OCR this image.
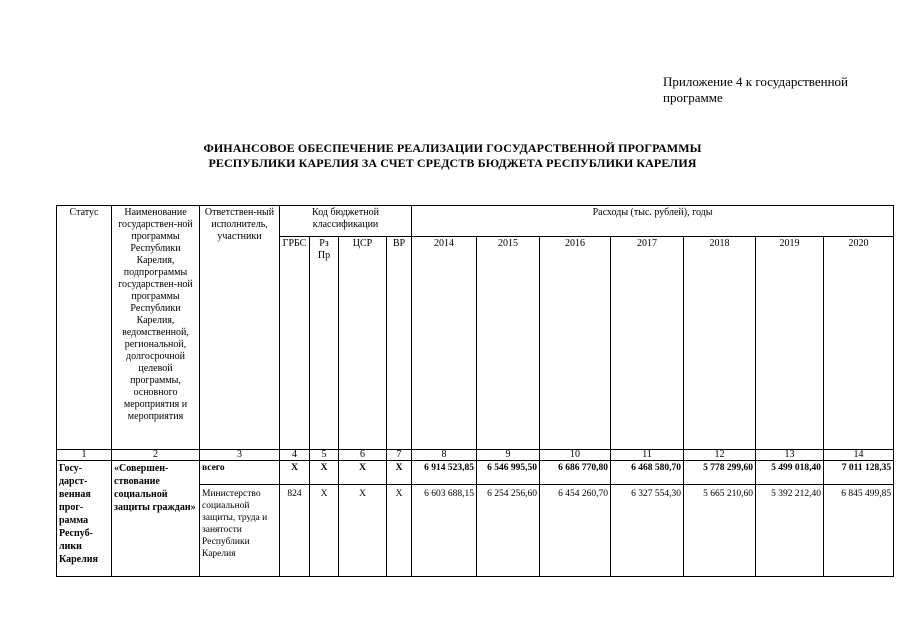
Приложение 4 к государственной
программе
ФИНАНСОВОЕ ОБЕСПЕЧЕНИЕ РЕАЛИЗАЦИИ ГОСУДАРСТВЕННОЙ ПРОГРАММЫ
РЕСПУБЛИКИ КАРЕЛИЯ ЗА СЧЕТ СРЕДСТВ БЮДЖЕТА РЕСПУБЛИКИ КАРЕЛИЯ
Статус	Наименование государствен-ной программы Республики Карелия, подпрограммы государствен-ной программы Республики Карелия, ведомственной, региональной, долгосрочной целевой программы, основного мероприятия и мероприятия	Ответствен-ный исполнитель, участники	Код бюджетной классификации				Расходы (тыс. рублей), годы						
			ГРБС	Рз Пр	ЦСР	ВР	2014	2015	2016	2017	2018	2019	2020
1	2	3	4	5	6	7	8	9	10	11	12	13	14
Госу-дарст-венная прог-рамма Респуб-лики Карелия	«Совершен-ствование социальной защиты граждан»	всего	Х	Х	Х	Х	6 914 523,85	6 546 995,50	6 686 770,80	6 468 580,70	5 778 299,60	5 499 018,40	7 011 128,35
		Министерство социальной защиты, труда и занятости Республики Карелия	824	Х	Х	Х	6 603 688,15	6 254 256,60	6 454 260,70	6 327 554,30	5 665 210,60	5 392 212,40	6 845 499,85
